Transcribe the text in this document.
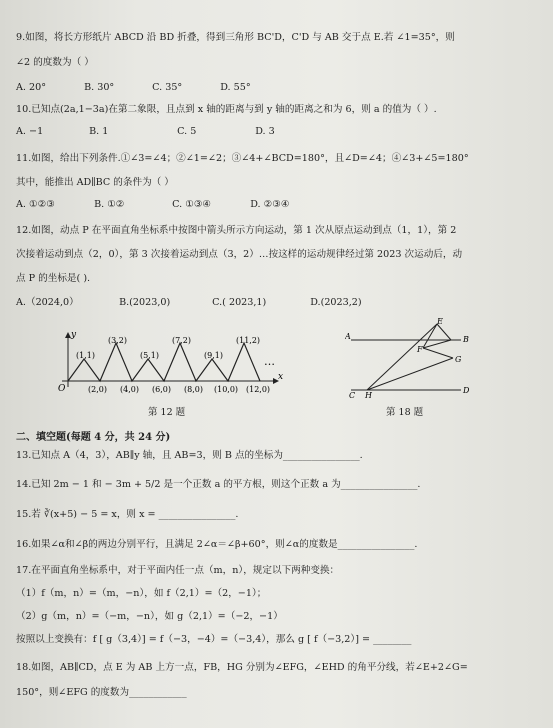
9.如图，将长方形纸片 ABCD 沿 BD 折叠，得到三角形 BC'D，C'D 与 AB 交于点 E.若 ∠1=35°，则
∠2 的度数为（ ）
A. 20°	B. 30°	C. 35°	D. 55°
10.已知点(2a,1−3a)在第二象限，且点到 x 轴的距离与到 y 轴的距离之和为 6，则 a 的值为（ ）.
A. −1	B. 1	C. 5	D. 3
11.如图，给出下列条件.①∠3=∠4；②∠1=∠2；③∠4+∠BCD=180°，且∠D=∠4；④∠3+∠5=180°
其中，能推出 AD∥BC 的条件为（ ）
A. ①②③	B. ①②	C. ①③④	D. ②③④
12.如图，动点 P 在平面直角坐标系中按图中箭头所示方向运动，第 1 次从原点运动到点（1，1），第 2
次接着运动到点（2，0），第 3 次接着运动到点（3，2）…按这样的运动规律经过第 2023 次运动后，动
点 P 的坐标是( ).
A.（2024,0）	B.(2023,0)	C.( 2023,1)	D.(2023,2)
y
x
O
(1,1)
(3,2)
(5,1)
(7,2)
(9,1)
(11,2)
(2,0) (4,0) (6,0) (8,0) (10,0) (12,0)
…
第 12 题
A	B
C H
D
E
F
G
第 18 题
二、填空题(每题 4 分，共 24 分)
13.已知点 A（4，3），AB∥y 轴，且 AB=3，则 B 点的坐标为________________.
14.已知 2m − 1 和 − 3m + 5/2 是一个正数 a 的平方根，则这个正数 a 为________________.
15.若 ∛(x+5) − 5 = x，则 x = ________________.
16.如果∠α和∠β的两边分别平行，且满足 2∠α＝∠β+60°，则∠α的度数是________________.
17.在平面直角坐标系中，对于平面内任一点（m，n），规定以下两种变换：
（1）f（m，n）=（m，−n），如 f（2,1）=（2，−1）；
（2）g（m，n）=（−m，−n），如 g（2,1）=（−2，−1）
按照以上变换有：f [ g（3,4）] = f（−3，−4）=（−3,4），那么 g [ f（−3,2）] = ________
18.如图，AB∥CD，点 E 为 AB 上方一点，FB，HG 分别为∠EFG，∠EHD 的角平分线，若∠E+2∠G=
150°，则∠EFG 的度数为____________
